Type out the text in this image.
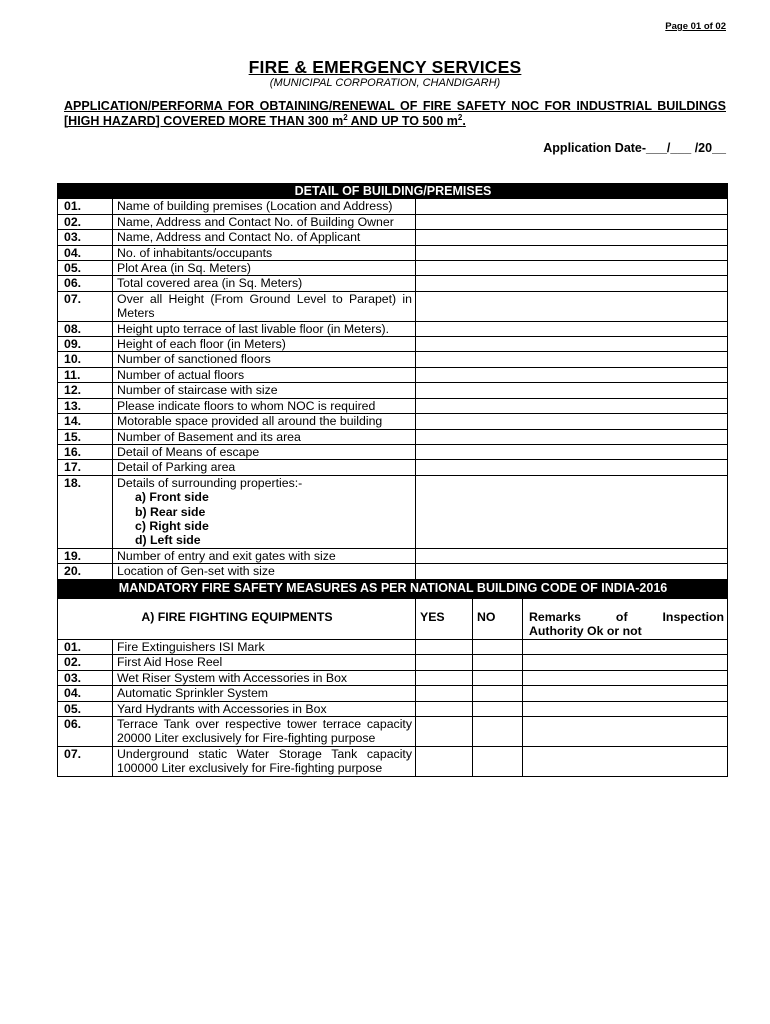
Page 01 of 02
FIRE & EMERGENCY SERVICES
(MUNICIPAL CORPORATION, CHANDIGARH)
APPLICATION/PERFORMA FOR OBTAINING/RENEWAL OF FIRE SAFETY NOC FOR INDUSTRIAL BUILDINGS [HIGH HAZARD] COVERED MORE THAN 300 $m^2$ AND UP TO 500 $m^2$.
Application Date-___/___ /20__
DETAIL OF BUILDING/PREMISES				
01.	Name of building premises (Location and Address)			
02.	Name, Address and Contact No. of Building Owner			
03.	Name, Address and Contact No. of Applicant			
04.	No. of inhabitants/occupants			
05.	Plot Area (in Sq. Meters)			
06.	Total covered area (in Sq. Meters)			
07.	Over all Height (From Ground Level to Parapet) in Meters			
08.	Height upto terrace of last livable floor (in Meters).			
09.	Height of each floor (in Meters)			
10.	Number of sanctioned floors			
11.	Number of actual floors			
12.	Number of staircase with size			
13.	Please indicate floors to whom NOC is required			
14.	Motorable space provided all around the building			
15.	Number of Basement and its area			
16.	Detail of Means of escape			
17.	Detail of Parking area			
18.	Details of surrounding properties:-
a) Front side
b) Rear side
c) Right side
d) Left side			

19.	Number of entry and exit gates with size			
20.	Location of Gen-set with size			
MANDATORY FIRE SAFETY MEASURES AS PER NATIONAL BUILDING CODE OF INDIA-2016				
A) FIRE FIGHTING EQUIPMENTS		YES	NO	Remarks of Inspection
Authority Ok or not
01.	Fire Extinguishers ISI Mark			
02.	First Aid Hose Reel			
03.	Wet Riser System with Accessories in Box			
04.	Automatic Sprinkler System			
05.	Yard Hydrants with Accessories in Box			
06.	Terrace Tank over respective tower terrace capacity 20000 Liter exclusively for Fire-fighting purpose			
07.	Underground static Water Storage Tank capacity 100000 Liter exclusively for Fire-fighting purpose			
